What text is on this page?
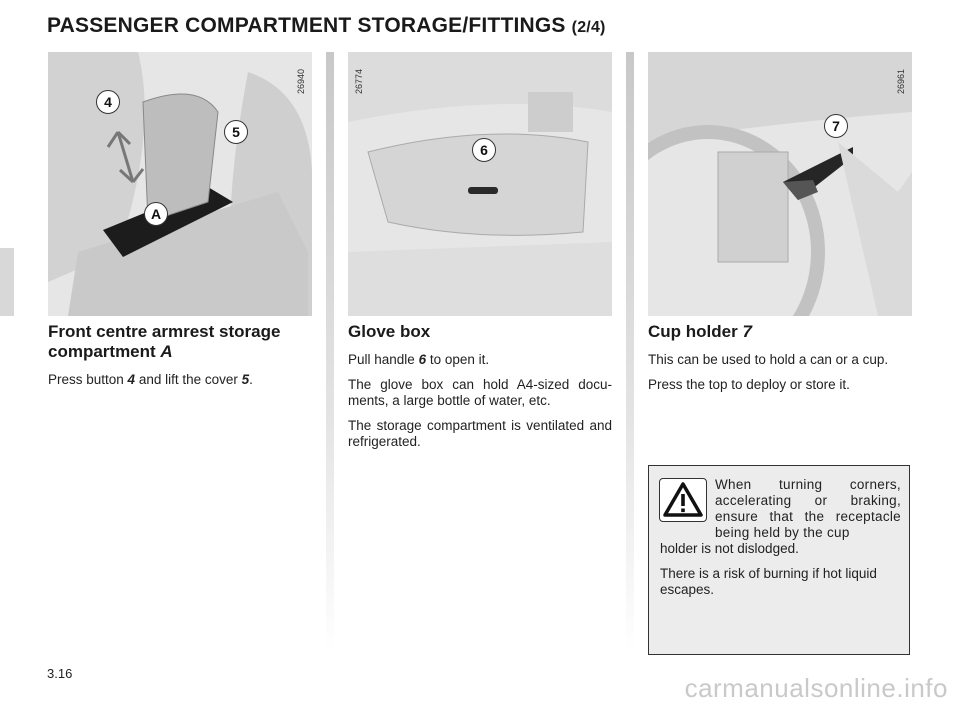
PASSENGER COMPARTMENT STORAGE/FITTINGS (2/4)
26940
4
5
A
26774
6
26961
7
Front centre armrest storage compartment A

Press button 4 and lift the cover 5.

Glove box

Pull handle 6 to open it.

The glove box can hold A4-sized documents, a large bottle of water, etc.

The storage compartment is ventilated and refrigerated.

Cup holder 7

This can be used to hold a can or a cup.

Press the top to deploy or store it.

When turning corners, accelerating or braking, ensure that the receptacle being held by the cup
holder is not dislodged.
There is a risk of burning if hot liquid escapes.
3.16	carmanualsonline.info
